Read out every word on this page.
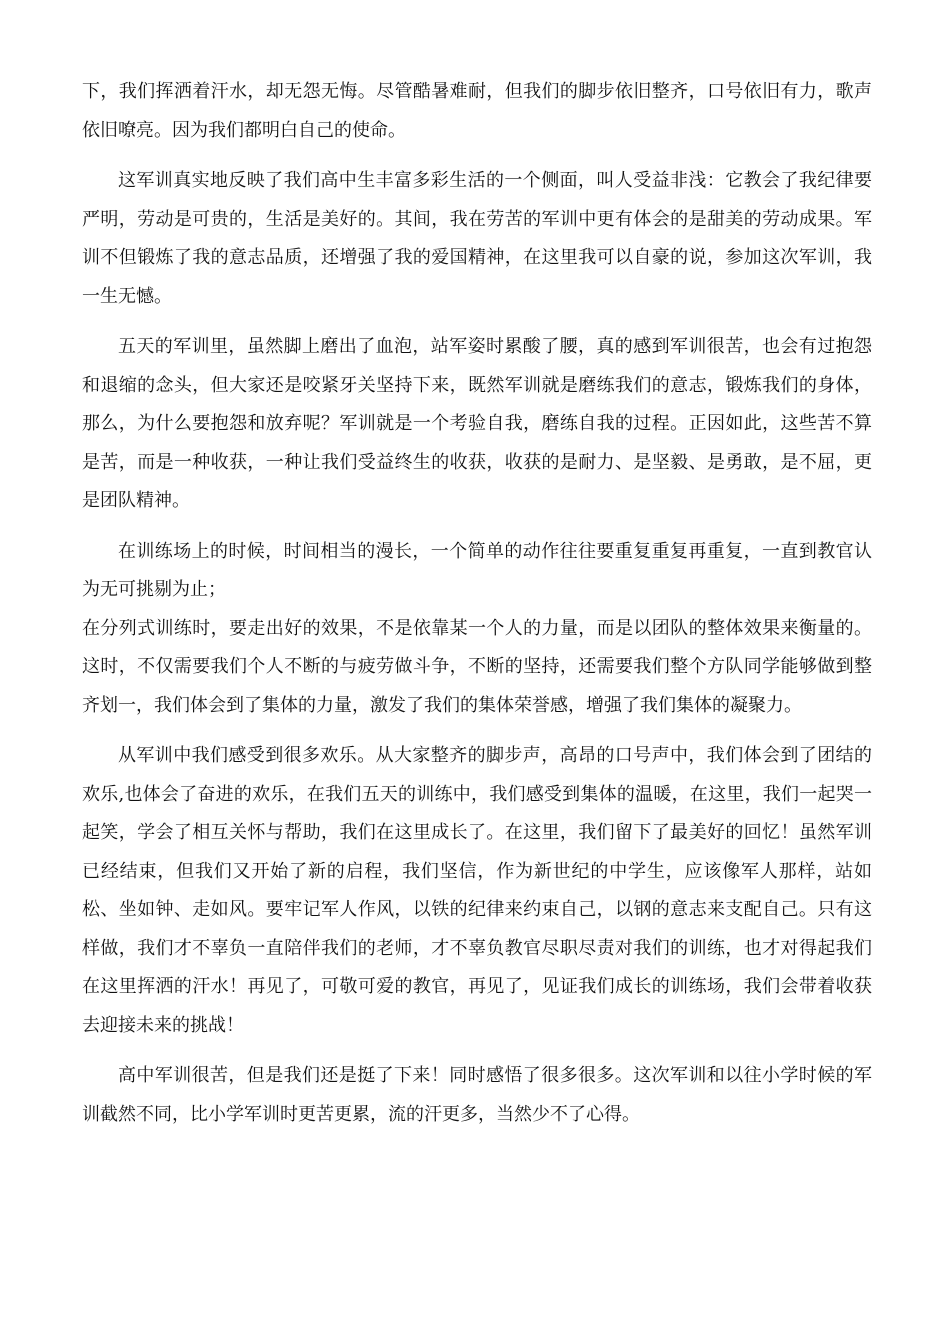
下，我们挥洒着汗水，却无怨无悔。尽管酷暑难耐，但我们的脚步依旧整齐，口号依旧有力，歌声依旧嘹亮。因为我们都明白自己的使命。

这军训真实地反映了我们高中生丰富多彩生活的一个侧面，叫人受益非浅：它教会了我纪律要严明，劳动是可贵的，生活是美好的。其间，我在劳苦的军训中更有体会的是甜美的劳动成果。军训不但锻炼了我的意志品质，还增强了我的爱国精神，在这里我可以自豪的说，参加这次军训，我一生无憾。

五天的军训里，虽然脚上磨出了血泡，站军姿时累酸了腰，真的感到军训很苦，也会有过抱怨和退缩的念头，但大家还是咬紧牙关坚持下来，既然军训就是磨练我们的意志，锻炼我们的身体，那么，为什么要抱怨和放弃呢？军训就是一个考验自我，磨练自我的过程。正因如此，这些苦不算是苦，而是一种收获，一种让我们受益终生的收获，收获的是耐力、是坚毅、是勇敢，是不屈，更是团队精神。

在训练场上的时候，时间相当的漫长，一个简单的动作往往要重复重复再重复，一直到教官认为无可挑剔为止；

在分列式训练时，要走出好的效果，不是依靠某一个人的力量，而是以团队的整体效果来衡量的。这时，不仅需要我们个人不断的与疲劳做斗争，不断的坚持，还需要我们整个方队同学能够做到整齐划一，我们体会到了集体的力量，激发了我们的集体荣誉感，增强了我们集体的凝聚力。

从军训中我们感受到很多欢乐。从大家整齐的脚步声，高昂的口号声中，我们体会到了团结的欢乐,也体会了奋进的欢乐，在我们五天的训练中，我们感受到集体的温暖，在这里，我们一起哭一起笑，学会了相互关怀与帮助，我们在这里成长了。在这里，我们留下了最美好的回忆！虽然军训已经结束，但我们又开始了新的启程，我们坚信，作为新世纪的中学生，应该像军人那样，站如松、坐如钟、走如风。要牢记军人作风，以铁的纪律来约束自己，以钢的意志来支配自己。只有这样做，我们才不辜负一直陪伴我们的老师，才不辜负教官尽职尽责对我们的训练，也才对得起我们在这里挥洒的汗水！再见了，可敬可爱的教官，再见了，见证我们成长的训练场，我们会带着收获去迎接未来的挑战！

高中军训很苦，但是我们还是挺了下来！同时感悟了很多很多。这次军训和以往小学时候的军训截然不同，比小学军训时更苦更累，流的汗更多，当然少不了心得。
